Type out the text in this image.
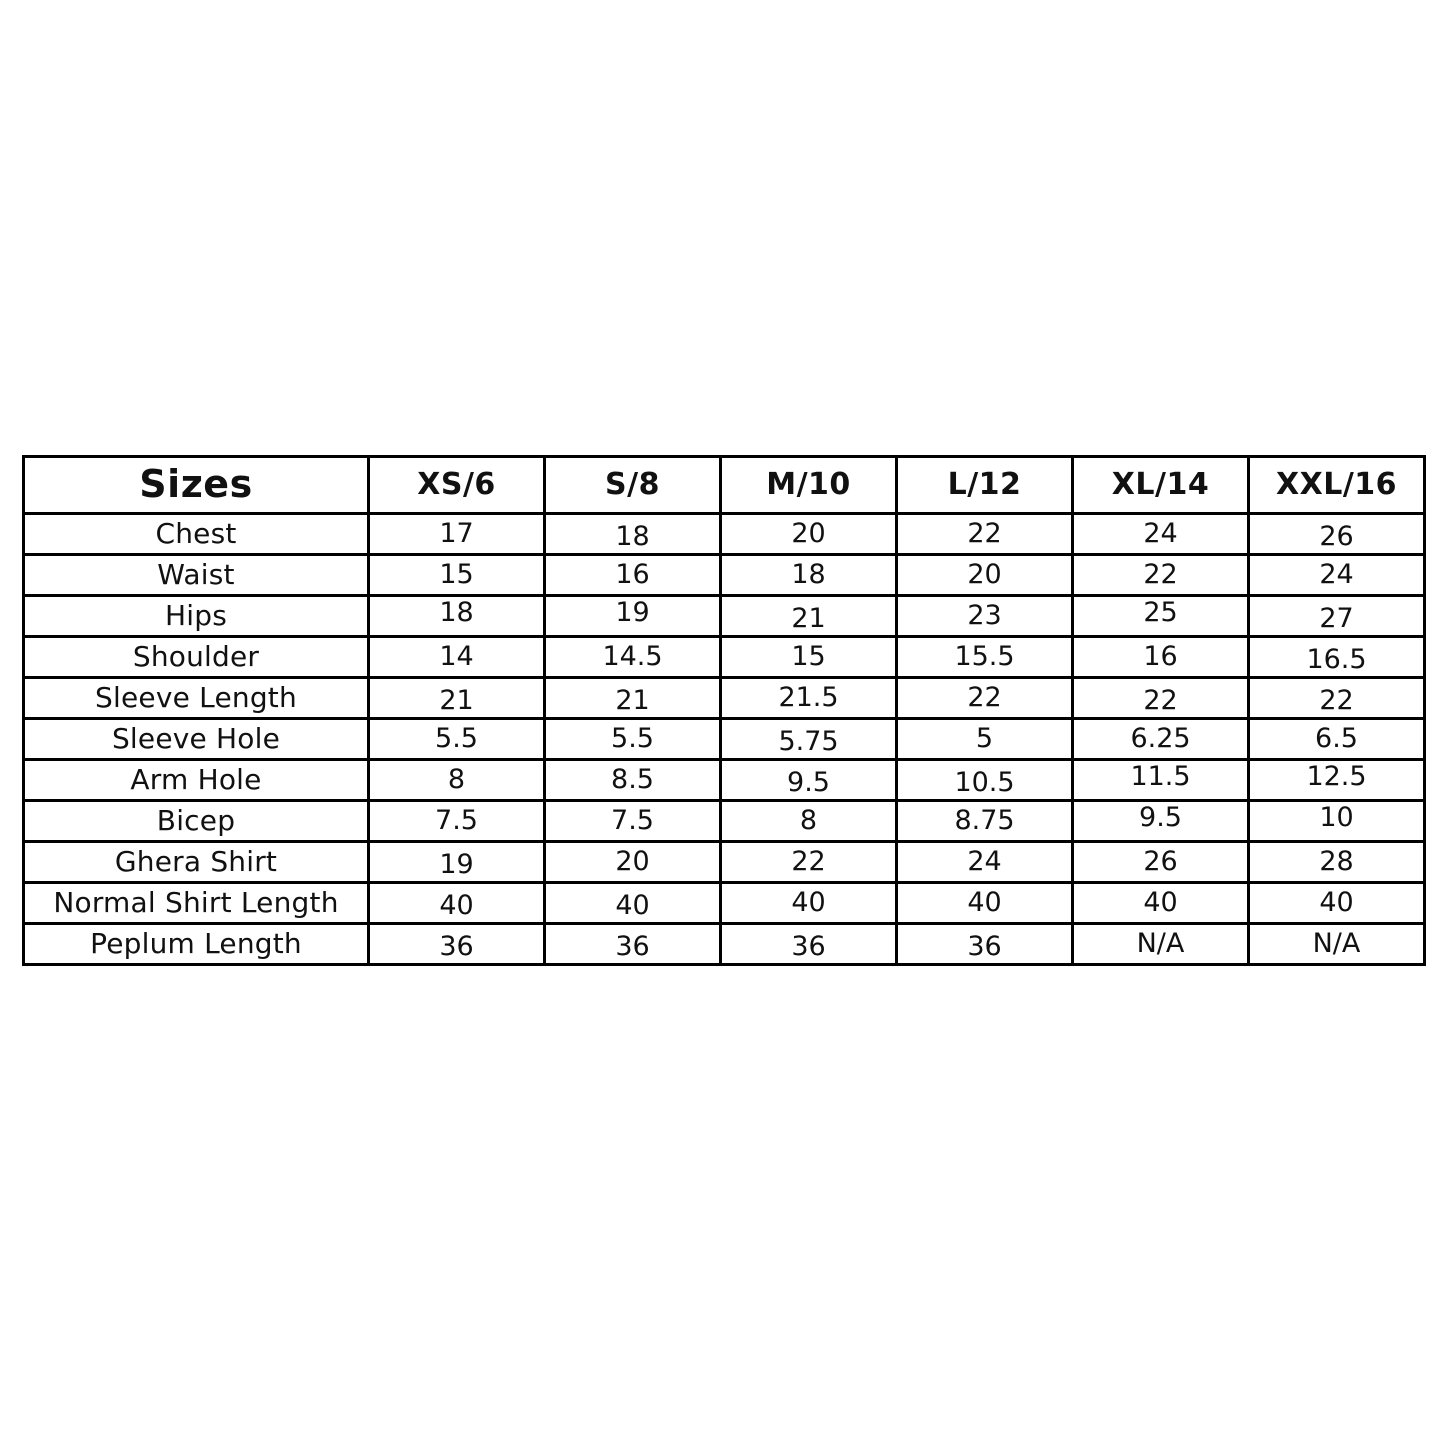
Sizes	XS/6	S/8	M/10	L/12	XL/14	XXL/16
Chest	17	18	20	22	24	26
Waist	15	16	18	20	22	24
Hips	18	19	21	23	25	27
Shoulder	14	14.5	15	15.5	16	16.5
Sleeve Length	21	21	21.5	22	22	22
Sleeve Hole	5.5	5.5	5.75	5	6.25	6.5
Arm Hole	8	8.5	9.5	10.5	11.5	12.5
Bicep	7.5	7.5	8	8.75	9.5	10
Ghera Shirt	19	20	22	24	26	28
Normal Shirt Length	40	40	40	40	40	40
Peplum Length	36	36	36	36	N/A	N/A
